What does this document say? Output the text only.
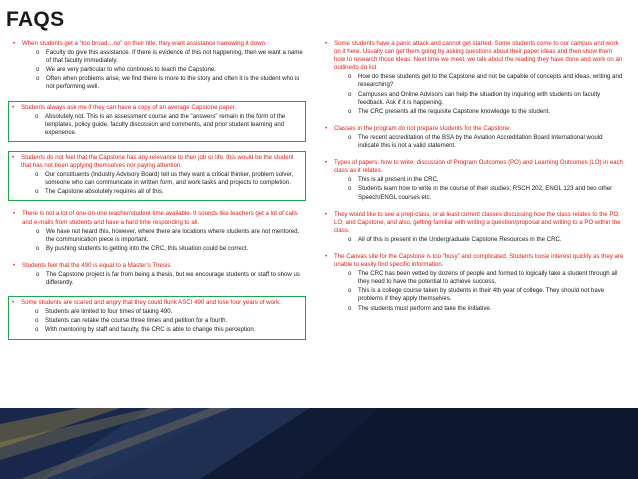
FAQS
• When students get a “too broad…no” on their title, they want assistance narrowing it down.
o Faculty do give this assistance. If there is evidence of this not happening, then we want a name of that faculty immediately.
o We are very particular to who continues to teach the Capstone.
o Often when problems arise, we find there is more to the story and often it is the student who is not performing well.
• Students always ask me if they can have a copy of an average Capstone paper.
o Absolutely not. This is an assessment course and the "answers" remain in the form of the templates, policy guide, faculty discussion and comments, and prior student learning and experience.
• Students do not feel that the Capstone has any relevance to their job or life. this would be the student that has not been applying themselves nor paying attention.
o Our constituents (Industry Advisory Board) tell us they want a critical thinker, problem solver, someone who can communicate in written form, and work tasks and projects to completion.
o The Capstone absolutely requires all of this.
• There is not a lot of one-on-one teacher/student time available. It sounds like teachers get a lot of calls and e-mails from students and have a hard time responding to all.
o We have not heard this, however, where there are locations where students are not mentored, the communication piece is important.
o By pushing students to getting into the CRC, this situation could be correct.
• Students feel that the 490 is equal to a Master’s Thesis.
o The Capstone project is far from being a thesis, but we encourage students or staff to show us differently.
• Some students are scared and angry that they could flunk ASCI 490 and lose four years of work.
o Students are limited to four times of taking 490.
o Students can retake the course three times and petition for a fourth.
o With mentoring by staff and faculty, the CRC is able to change this perception.
• Some students have a panic attack and cannot get started. Some students come to our campus and work on it here. Usually can get them going by asking questions about their paper ideas and then show them how to research those ideas. Next time we meet, we talk about the reading they have done and work on an outline/to do list
o How do these students get to the Capstone and not be capable of concepts and ideas, writing and researching?
o Campuses and Online Advisors can help the situation by inquiring with students on faculty feedback. Ask if it is happening.
o The CRC presents all the requisite Capstone knowledge to the student.
• Classes in the program do not prepare students for the Capstone.
o The recent accreditation of the BSA by the Aviation Accreditation Board International would indicate this is not a valid statement.
• Types of papers, how to write, discussion of Program Outcomes (PO) and Learning Outcomes (LO) in each class as it relates.
o This is all present in the CRC.
o Students learn how to write in the course of their studies; RSCH 202, ENGL 123 and two other Speech/ENGL courses etc.
• They would like to see a prep-class, or at least current classes discussing how the class relates to the PO, LO, and Capstone, and also, getting familiar with writing a question/proposal and writing to a PO within the class.
o All of this is present in the Undergraduate Capstone Resources in the CRC.
• The Canvas site for the Capstone is too “busy” and complicated. Students loose interest quickly as they are unable to easily find specific information.
o The CRC has been vetted by dozens of people and formed to logically take a student through all they need to have the potential to achieve success.
o This is a college course taken by students in their 4th year of college. They should not have problems if they apply themselves.
o The students must perform and take the initiative.
